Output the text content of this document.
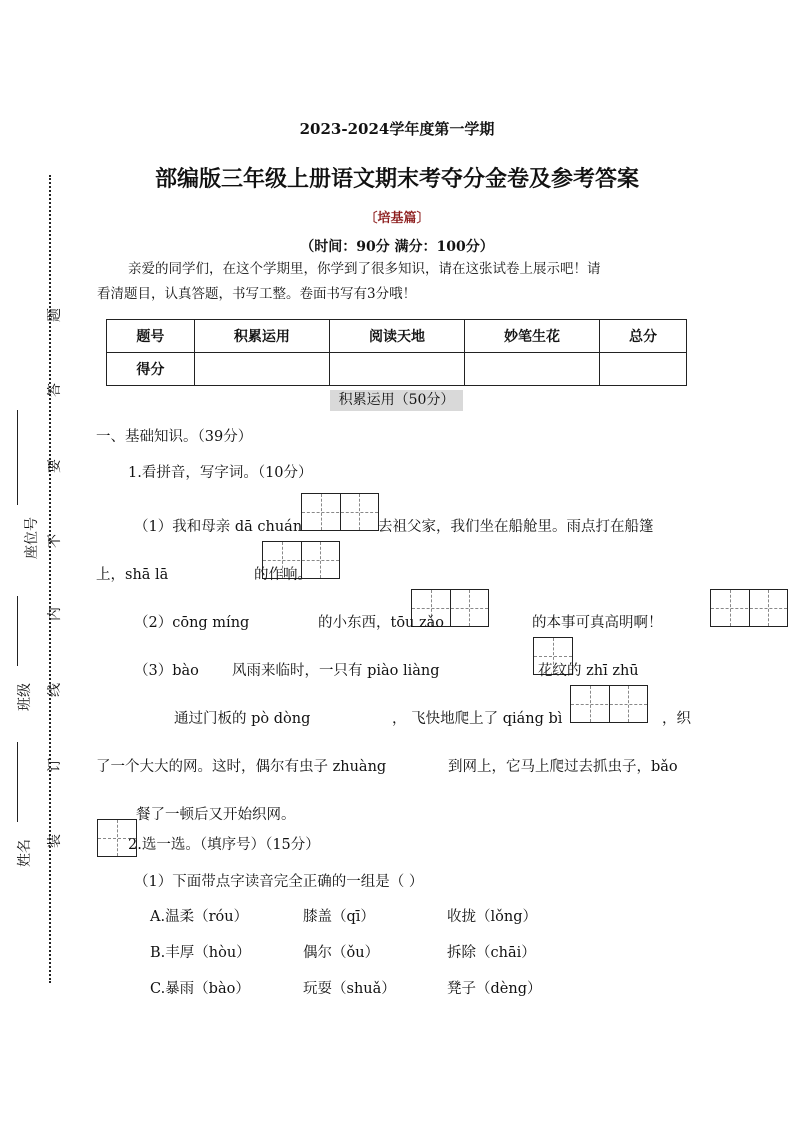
题
答
要
不
内
线
订
装
座位号
班级
姓名
2023-2024学年度第一学期
部编版三年级上册语文期末考夺分金卷及参考答案
〔培基篇〕
（时间：90分 满分：100分）
亲爱的同学们，在这个学期里，你学到了很多知识，请在这张试卷上展示吧！请
看清题目，认真答题，书写工整。卷面书写有3分哦！
题号	积累运用	阅读天地	妙笔生花	总分
得分				
积累运用（50分）
一、基础知识。（39分）
1.看拼音，写字词。（10分）
（1）我和母亲 dā chuán
	去祖父家，我们坐在船舱里。雨点打在船篷
上，shā lā
	的作响。
（2）cōng míng
	的小东西，tōu zǎo
	的本事可真高明啊！
（3）bào
风雨来临时，一只有 piào liàng
	花纹的 zhī zhū

通过门板的 pò dòng
	， 飞快地爬上了 qiáng bì
	，织
了一个大大的网。这时，偶尔有虫子 zhuàng
	到网上，它马上爬过去抓虫子，bǎo
餐了一顿后又开始织网。
2.选一选。（填序号）（15分）
（1）下面带点字读音完全正确的一组是（ ）
A.温柔（róu）	膝盖（qī）	收拢（lǒng）
B.丰厚（hòu）	偶尔（ǒu）	拆除（chāi）
C.暴雨（bào）	玩耍（shuǎ）	凳子（dèng）
